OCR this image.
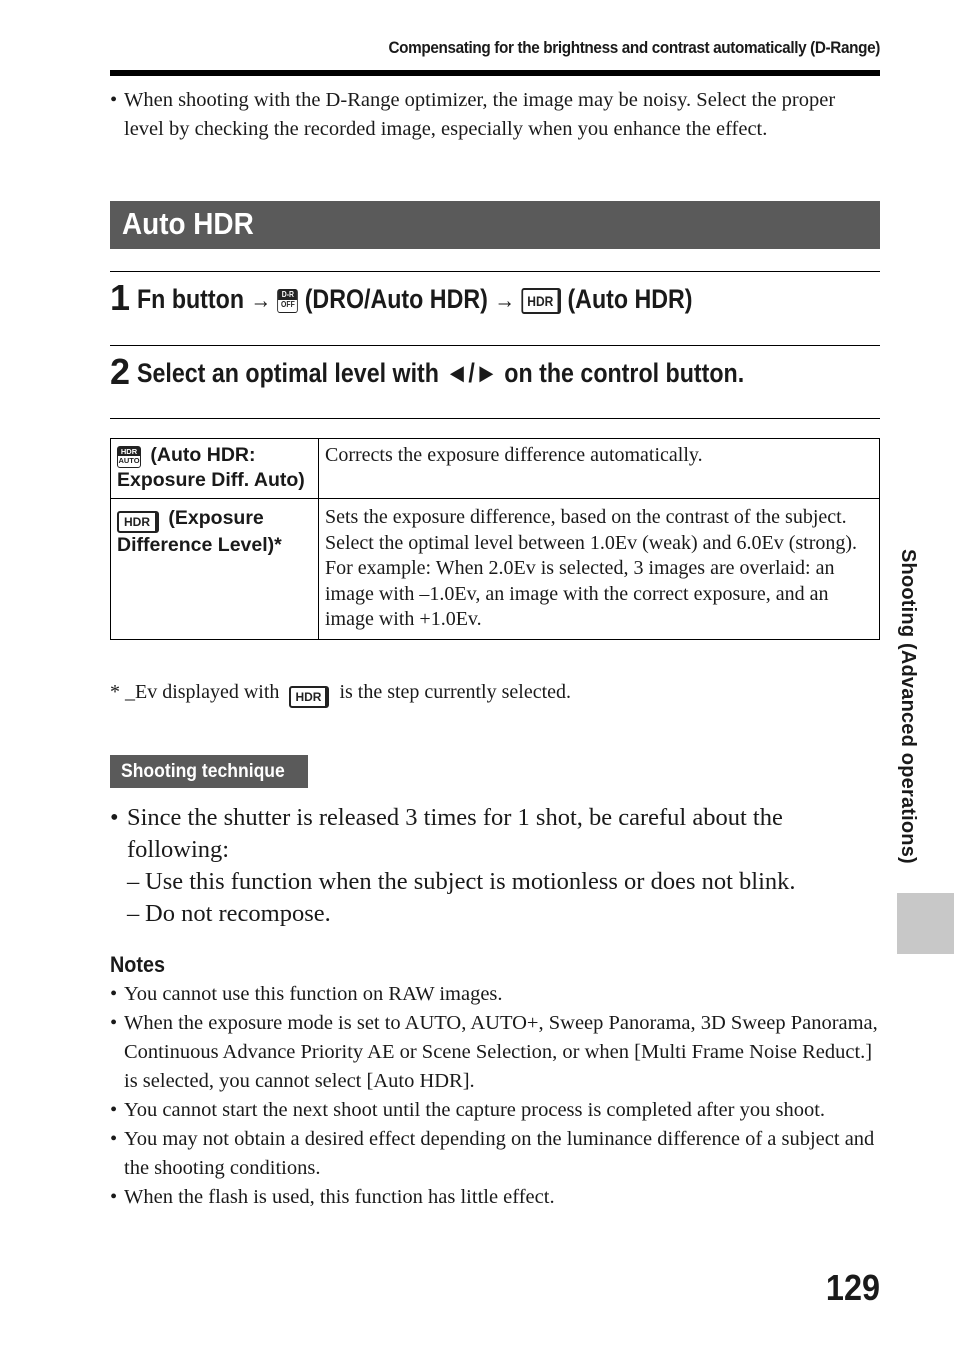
Compensating for the brightness and contrast automatically (D-Range)
• When shooting with the D-Range optimizer, the image may be noisy. Select the proper level by checking the recorded image, especially when you enhance the effect.
Auto HDR
1 Fn button →	D-R
OFF (DRO/Auto HDR) → HDR (Auto HDR)
2 Select an optimal level with ◄/► on the control button.
HDR
AUTO (Auto HDR: Exposure Diff. Auto)	Corrects the exposure difference automatically.

HDR (Exposure Difference Level)*	Sets the exposure difference, based on the contrast of the subject. Select the optimal level between 1.0Ev (weak) and 6.0Ev (strong).
For example: When 2.0Ev is selected, 3 images are overlaid: an image with –1.0Ev, an image with the correct exposure, and an image with +1.0Ev.
* _Ev displayed with HDR is the step currently selected.
Shooting technique
• Since the shutter is released 3 times for 1 shot, be careful about the following:
– Use this function when the subject is motionless or does not blink.
– Do not recompose.
Notes
• You cannot use this function on RAW images.
• When the exposure mode is set to AUTO, AUTO+, Sweep Panorama, 3D Sweep Panorama, Continuous Advance Priority AE or Scene Selection, or when [Multi Frame Noise Reduct.] is selected, you cannot select [Auto HDR].
• You cannot start the next shoot until the capture process is completed after you shoot.
• You may not obtain a desired effect depending on the luminance difference of a subject and the shooting conditions.
• When the flash is used, this function has little effect.
Shooting (Advanced operations)
129
